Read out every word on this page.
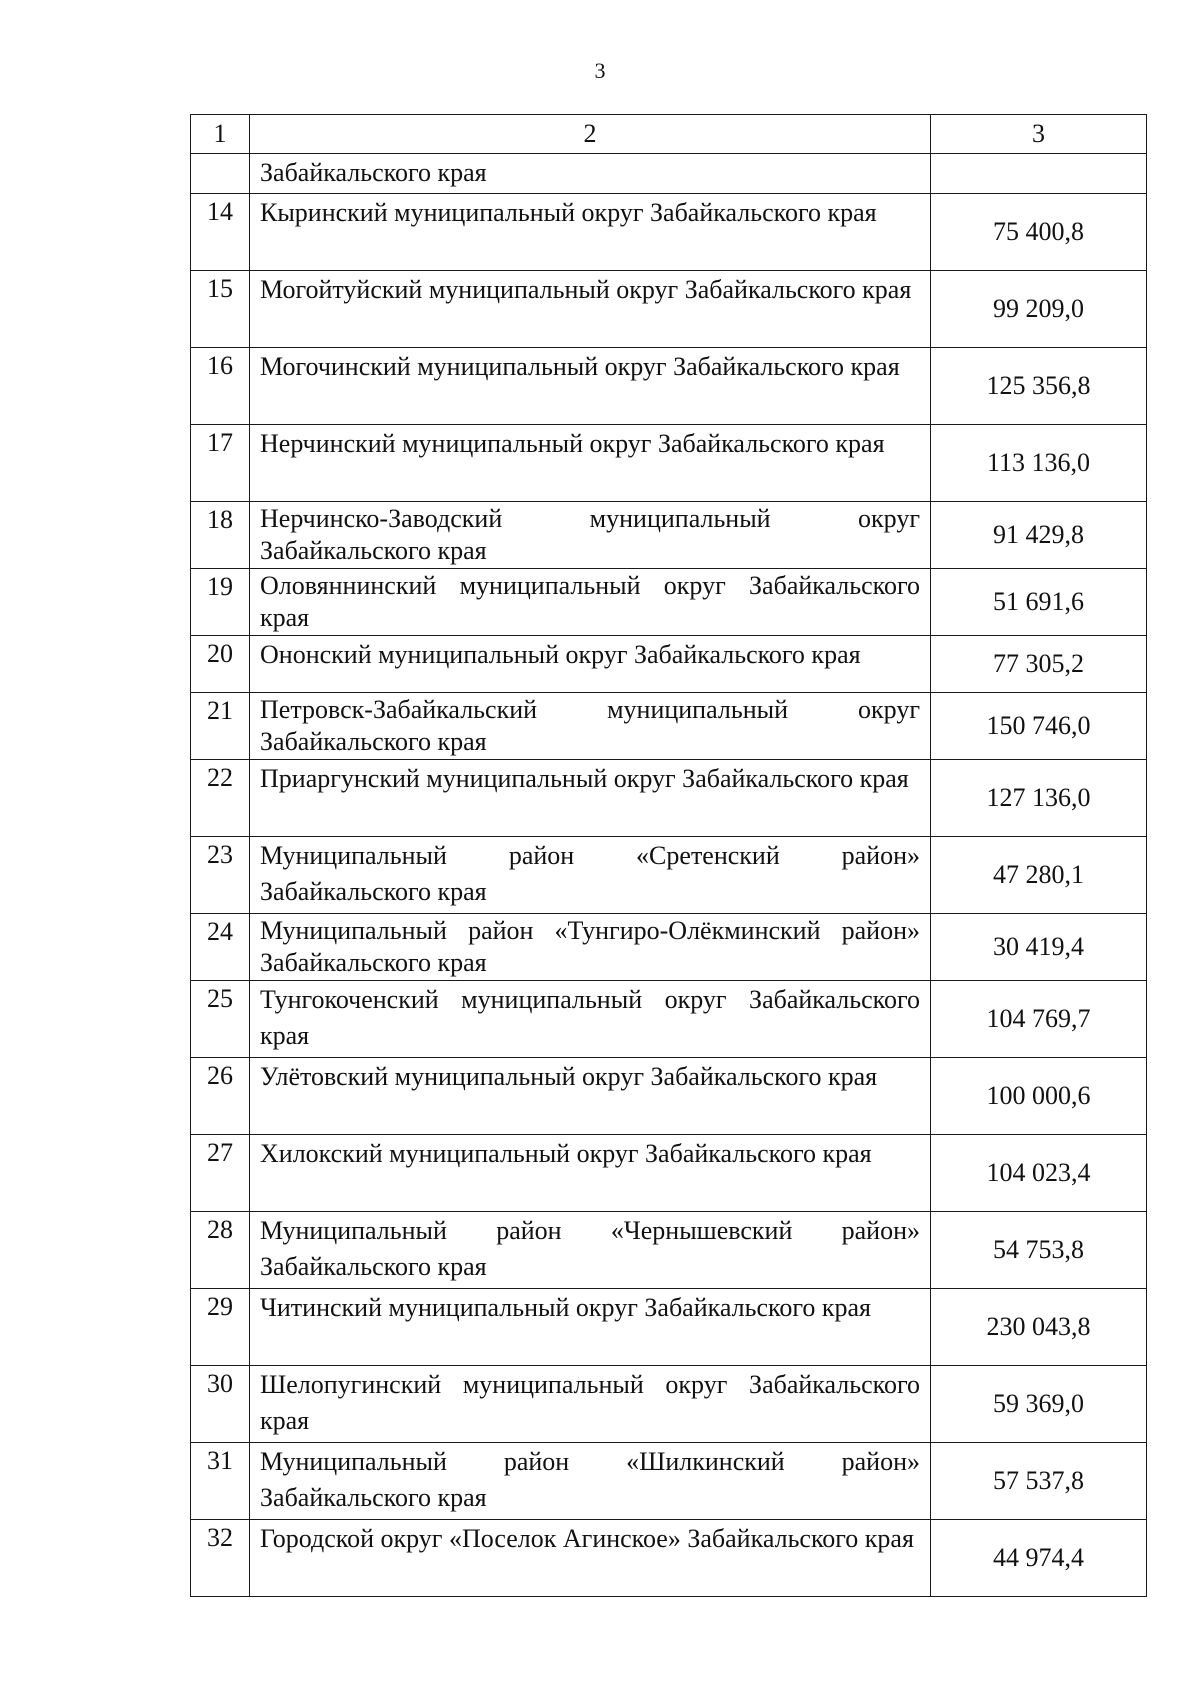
3
1	2	3
	Забайкальского края	
14	Кыринский муниципальный округ Забайкальского края	75 400,8
15	Могойтуйский муниципальный округ Забайкальского края	99 209,0
16	Могочинский муниципальный округ Забайкальского края	125 356,8
17	Нерчинский муниципальный округ Забайкальского края	113 136,0
18	Нерчинско-Заводский муниципальный округ Забайкальского края	91 429,8
19	Оловяннинский муниципальный округ Забайкальского края	51 691,6
20	Ононский муниципальный округ Забайкальского края	77 305,2
21	Петровск-Забайкальский муниципальный округ Забайкальского края	150 746,0
22	Приаргунский муниципальный округ Забайкальского края	127 136,0
23	Муниципальный район «Сретенский район» Забайкальского края	47 280,1
24	Муниципальный район «Тунгиро-Олёкминский район» Забайкальского края	30 419,4
25	Тунгокоченский муниципальный округ Забайкальского края	104 769,7
26	Улётовский муниципальный округ Забайкальского края	100 000,6
27	Хилокский муниципальный округ Забайкальского края	104 023,4
28	Муниципальный район «Чернышевский район» Забайкальского края	54 753,8
29	Читинский муниципальный округ Забайкальского края	230 043,8
30	Шелопугинский муниципальный округ Забайкальского края	59 369,0
31	Муниципальный район «Шилкинский район» Забайкальского края	57 537,8
32	Городской округ «Поселок Агинское» Забайкальского края	44 974,4
